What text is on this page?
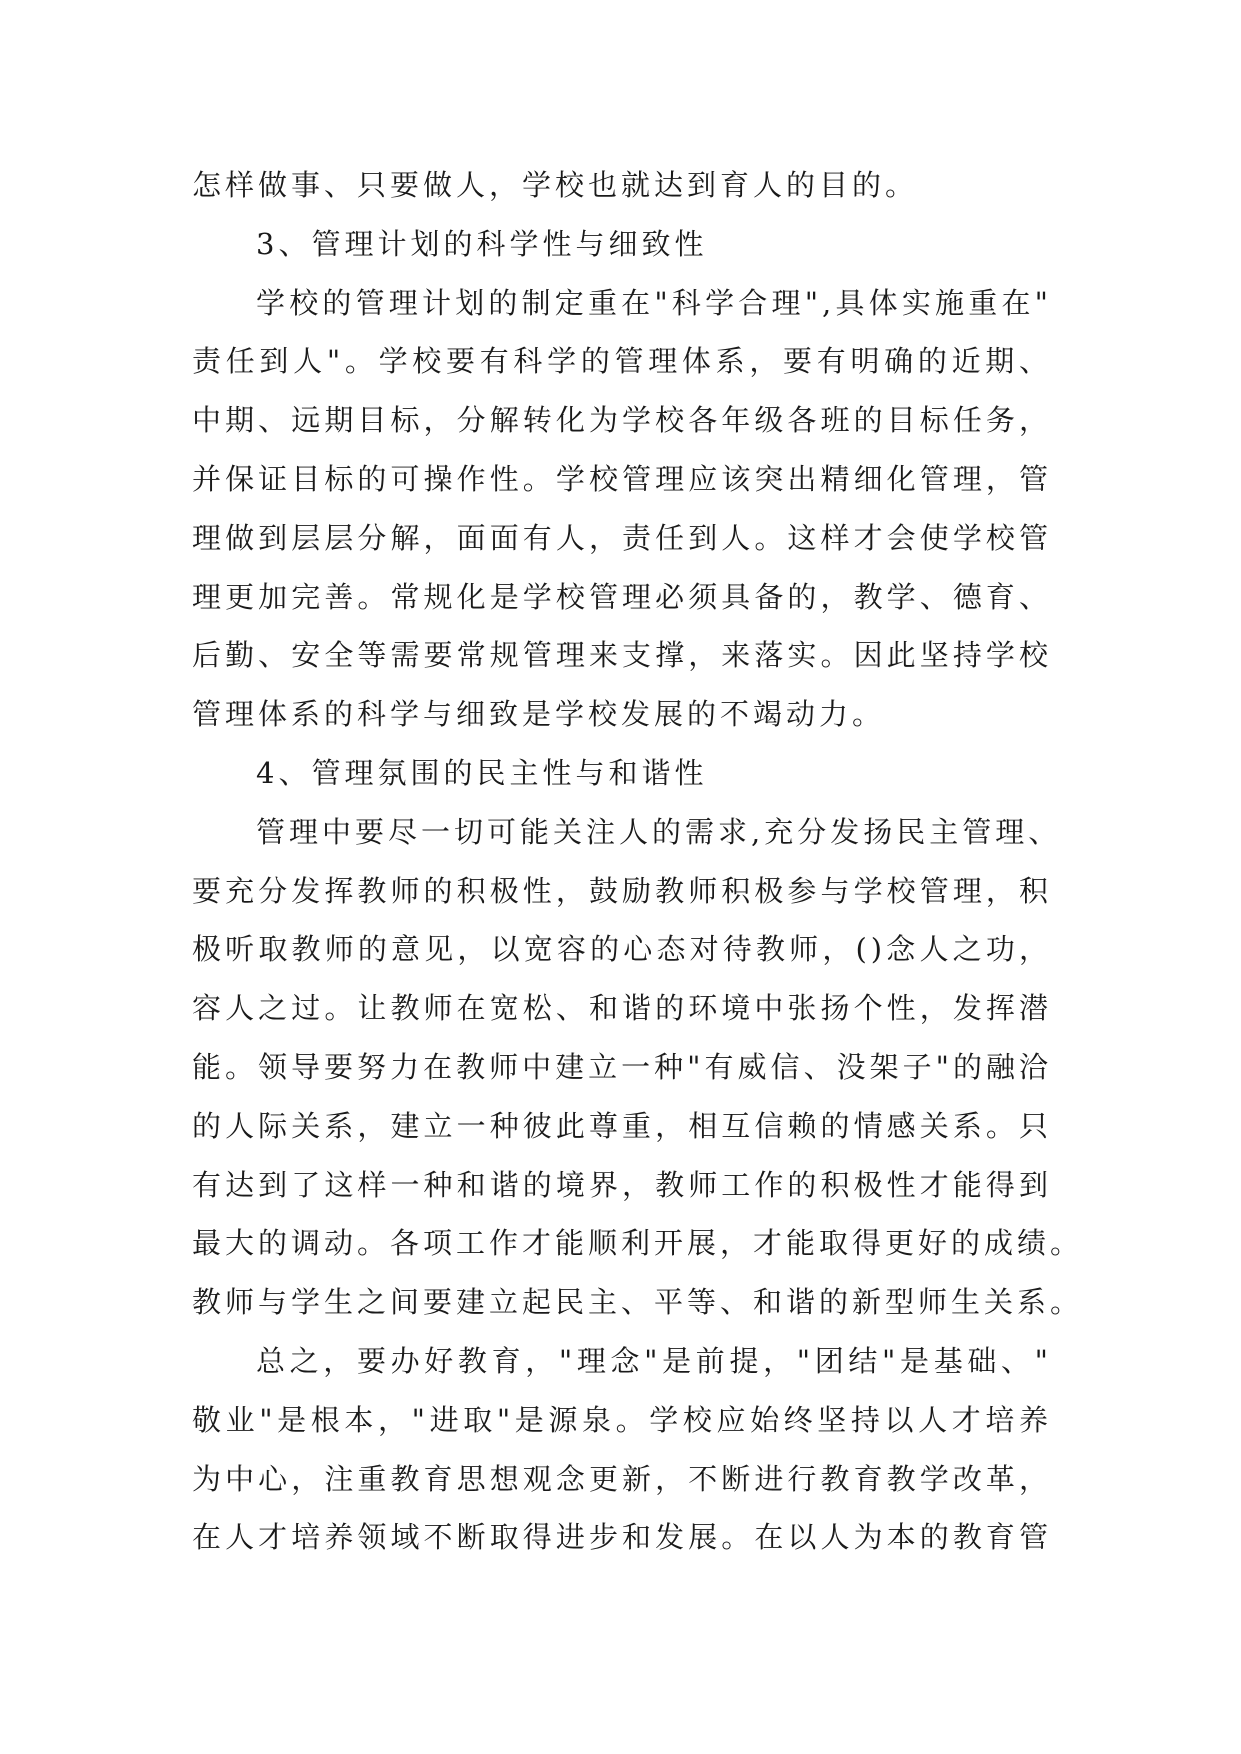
怎样做事、只要做人，学校也就达到育人的目的。
3、管理计划的科学性与细致性
学校的管理计划的制定重在"科学合理",具体实施重在"
责任到人"。学校要有科学的管理体系，要有明确的近期、
中期、远期目标，分解转化为学校各年级各班的目标任务，
并保证目标的可操作性。学校管理应该突出精细化管理，管
理做到层层分解，面面有人，责任到人。这样才会使学校管
理更加完善。常规化是学校管理必须具备的，教学、德育、
后勤、安全等需要常规管理来支撑，来落实。因此坚持学校
管理体系的科学与细致是学校发展的不竭动力。
4、管理氛围的民主性与和谐性
管理中要尽一切可能关注人的需求,充分发扬民主管理、
要充分发挥教师的积极性，鼓励教师积极参与学校管理，积
极听取教师的意见，以宽容的心态对待教师，()念人之功，
容人之过。让教师在宽松、和谐的环境中张扬个性，发挥潜
能。领导要努力在教师中建立一种"有威信、没架子"的融洽
的人际关系，建立一种彼此尊重，相互信赖的情感关系。只
有达到了这样一种和谐的境界，教师工作的积极性才能得到
最大的调动。各项工作才能顺利开展，才能取得更好的成绩。
教师与学生之间要建立起民主、平等、和谐的新型师生关系。
总之，要办好教育，"理念"是前提，"团结"是基础、"
敬业"是根本，"进取"是源泉。学校应始终坚持以人才培养
为中心，注重教育思想观念更新，不断进行教育教学改革，
在人才培养领域不断取得进步和发展。在以人为本的教育管
